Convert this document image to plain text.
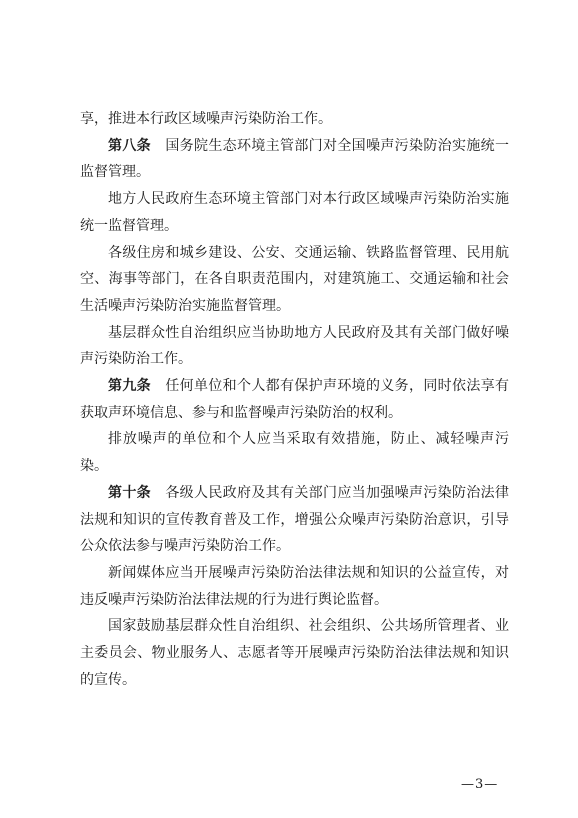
享，推进本行政区域噪声污染防治工作。

第八条　 国务院生态环境主管部门对全国噪声污染防治实施统一监督管理。

地方人民政府生态环境主管部门对本行政区域噪声污染防治实施统一监督管理。

各级住房和城乡建设、公安、交通运输、铁路监督管理、民用航空、海事等部门，在各自职责范围内，对建筑施工、交通运输和社会生活噪声污染防治实施监督管理。

基层群众性自治组织应当协助地方人民政府及其有关部门做好噪声污染防治工作。

第九条　 任何单位和个人都有保护声环境的义务，同时依法享有获取声环境信息、参与和监督噪声污染防治的权利。

排放噪声的单位和个人应当采取有效措施，防止、减轻噪声污染。

第十条　 各级人民政府及其有关部门应当加强噪声污染防治法律法规和知识的宣传教育普及工作，增强公众噪声污染防治意识，引导公众依法参与噪声污染防治工作。

新闻媒体应当开展噪声污染防治法律法规和知识的公益宣传，对违反噪声污染防治法律法规的行为进行舆论监督。

国家鼓励基层群众性自治组织、社会组织、公共场所管理者、业主委员会、物业服务人、志愿者等开展噪声污染防治法律法规和知识的宣传。

—3—
